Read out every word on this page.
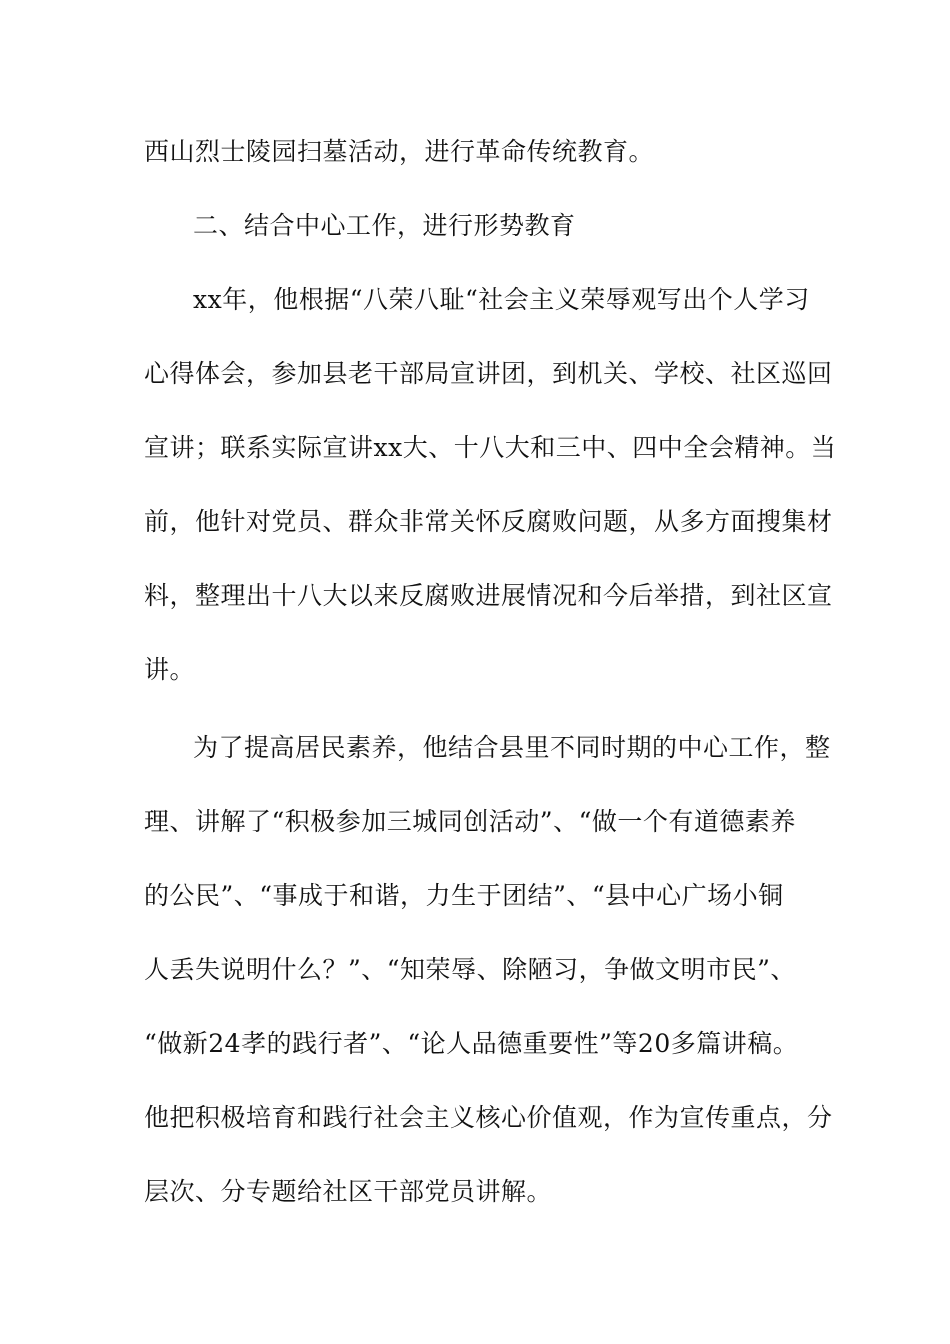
西山烈士陵园扫墓活动，进行革命传统教育。
二、结合中心工作，进行形势教育
xx年，他根据“八荣八耻“社会主义荣辱观写出个人学习
心得体会，参加县老干部局宣讲团，到机关、学校、社区巡回
宣讲；联系实际宣讲xx大、十八大和三中、四中全会精神。当
前，他针对党员、群众非常关怀反腐败问题，从多方面搜集材
料，整理出十八大以来反腐败进展情况和今后举措，到社区宣
讲。
为了提高居民素养，他结合县里不同时期的中心工作，整
理、讲解了“积极参加三城同创活动”、“做一个有道德素养
的公民”、“事成于和谐，力生于团结”、“县中心广场小铜
人丢失说明什么？”、“知荣辱、除陋习，争做文明市民”、
“做新24孝的践行者”、“论人品德重要性”等20多篇讲稿。
他把积极培育和践行社会主义核心价值观，作为宣传重点，分
层次、分专题给社区干部党员讲解。
